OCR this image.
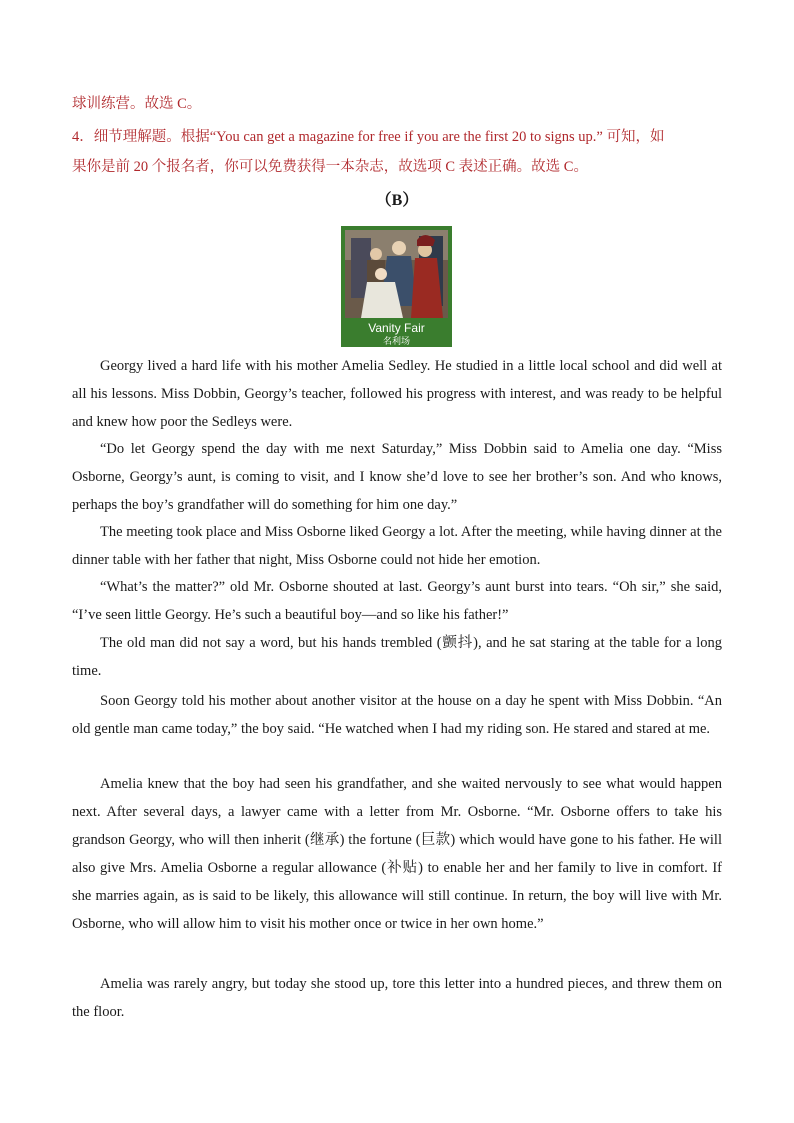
球训练营。故选 C。
4．细节理解题。根据“You can get a magazine for free if you are the first 20 to signs up.” 可知，如
果你是前 20 个报名者，你可以免费获得一本杂志，故选项 C 表述正确。故选 C。
（B）
Vanity Fair
名利场

Georgy lived a hard life with his mother Amelia Sedley. He studied in a little local school and did well at all his lessons. Miss Dobbin, Georgy’s teacher, followed his progress with interest, and was ready to be helpful and knew how poor the Sedleys were.

“Do let Georgy spend the day with me next Saturday,” Miss Dobbin said to Amelia one day. “Miss Osborne, Georgy’s aunt, is coming to visit, and I know she’d love to see her brother’s son. And who knows, perhaps the boy’s grandfather will do something for him one day.”

The meeting took place and Miss Osborne liked Georgy a lot. After the meeting, while having dinner at the dinner table with her father that night, Miss Osborne could not hide her emotion.

“What’s the matter?” old Mr. Osborne shouted at last. Georgy’s aunt burst into tears. “Oh sir,” she said, “I’ve seen little Georgy. He’s such a beautiful boy—and so like his father!”

The old man did not say a word, but his hands trembled (颤抖), and he sat staring at the table for a long time.

Soon Georgy told his mother about another visitor at the house on a day he spent with Miss Dobbin. “An old gentle man came today,” the boy said. “He watched when I had my riding son. He stared and stared at me.

Amelia knew that the boy had seen his grandfather, and she waited nervously to see what would happen next. After several days, a lawyer came with a letter from Mr. Osborne. “Mr. Osborne offers to take his grandson Georgy, who will then inherit (继承) the fortune (巨款) which would have gone to his father. He will also give Mrs. Amelia Osborne a regular allowance (补贴) to enable her and her family to live in comfort. If she marries again, as is said to be likely, this allowance will still continue. In return, the boy will live with Mr. Osborne, who will allow him to visit his mother once or twice in her own home.”

Amelia was rarely angry, but today she stood up, tore this letter into a hundred pieces, and threw them on the floor.
